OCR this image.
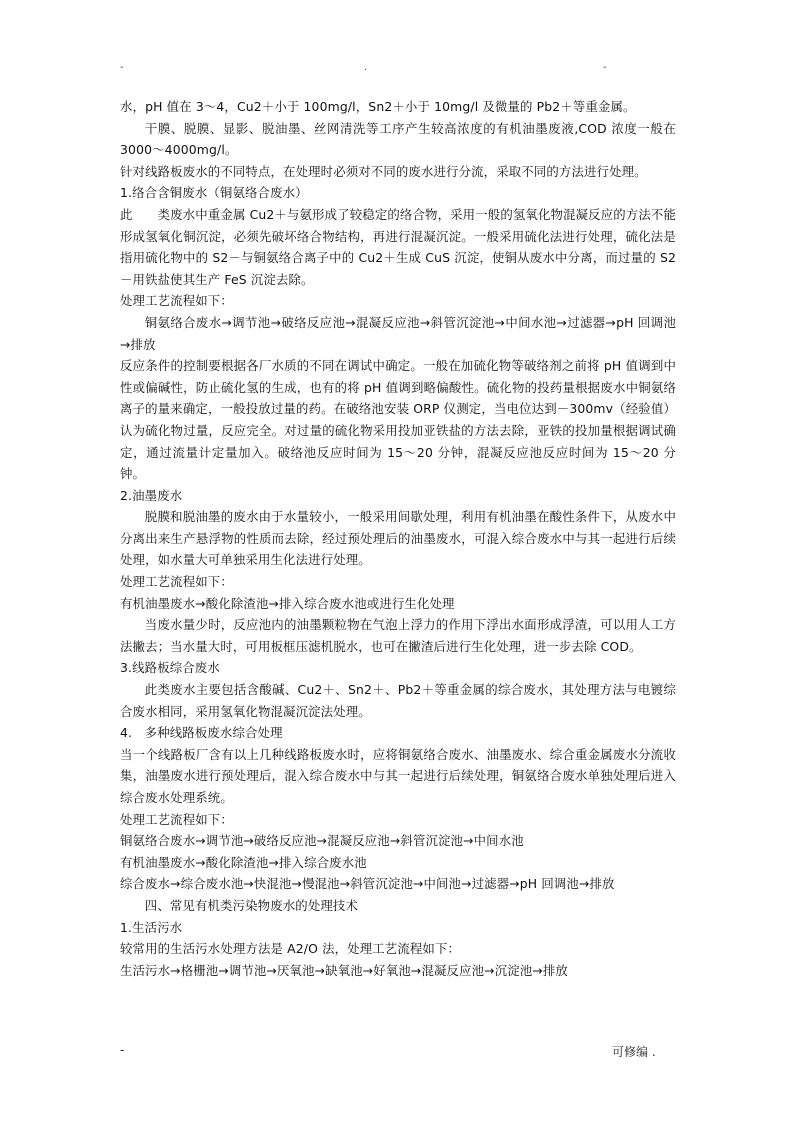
-	.	-

水，pH 值在 3～4，Cu2＋小于 100mg/l，Sn2＋小于 10mg/l 及微量的 Pb2＋等重金属。

干膜、脱膜、显影、脱油墨、丝网清洗等工序产生较高浓度的有机油墨废液,COD 浓度一般在 3000～4000mg/l。

针对线路板废水的不同特点，在处理时必须对不同的废水进行分流，采取不同的方法进行处理。

1.络合含铜废水（铜氨络合废水）

此　　类废水中重金属 Cu2＋与氨形成了较稳定的络合物，采用一般的氢氧化物混凝反应的方法不能形成氢氧化铜沉淀，必须先破坏络合物结构，再进行混凝沉淀。一般采用硫化法进行处理，硫化法是指用硫化物中的 S2－与铜氨络合离子中的 Cu2＋生成 CuS 沉淀，使铜从废水中分离，而过量的 S2－用铁盐使其生产 FeS 沉淀去除。

处理工艺流程如下：

铜氨络合废水→调节池→破络反应池→混凝反应池→斜管沉淀池→中间水池→过滤器→pH 回调池→排放

反应条件的控制要根据各厂水质的不同在调试中确定。一般在加硫化物等破络剂之前将 pH 值调到中性或偏碱性，防止硫化氢的生成，也有的将 pH 值调到略偏酸性。硫化物的投药量根据废水中铜氨络离子的量来确定，一般投放过量的药。在破络池安装 ORP 仪测定，当电位达到－300mv（经验值）认为硫化物过量，反应完全。对过量的硫化物采用投加亚铁盐的方法去除，亚铁的投加量根据调试确定，通过流量计定量加入。破络池反应时间为 15～20 分钟，混凝反应池反应时间为 15～20 分钟。

2.油墨废水

脱膜和脱油墨的废水由于水量较小，一般采用间歇处理，利用有机油墨在酸性条件下，从废水中分离出来生产悬浮物的性质而去除，经过预处理后的油墨废水，可混入综合废水中与其一起进行后续处理，如水量大可单独采用生化法进行处理。

处理工艺流程如下：

有机油墨废水→酸化除渣池→排入综合废水池或进行生化处理

当废水量少时，反应池内的油墨颗粒物在气泡上浮力的作用下浮出水面形成浮渣，可以用人工方法撇去；当水量大时，可用板框压滤机脱水，也可在撇渣后进行生化处理，进一步去除 COD。

3.线路板综合废水

此类废水主要包括含酸碱、Cu2＋、Sn2＋、Pb2＋等重金属的综合废水，其处理方法与电镀综合废水相同，采用氢氧化物混凝沉淀法处理。

4.　多种线路板废水综合处理

当一个线路板厂含有以上几种线路板废水时，应将铜氨络合废水、油墨废水、综合重金属废水分流收集，油墨废水进行预处理后，混入综合废水中与其一起进行后续处理，铜氨络合废水单独处理后进入综合废水处理系统。

处理工艺流程如下：

铜氨络合废水→调节池→破络反应池→混凝反应池→斜管沉淀池→中间水池

有机油墨废水→酸化除渣池→排入综合废水池

综合废水→综合废水池→快混池→慢混池→斜管沉淀池→中间池→过滤器→pH 回调池→排放

四、常见有机类污染物废水的处理技术

1.生活污水

较常用的生活污水处理方法是 A2/O 法，处理工艺流程如下：

生活污水→格栅池→调节池→厌氧池→缺氧池→好氧池→混凝反应池→沉淀池→排放

-	可修编 .
